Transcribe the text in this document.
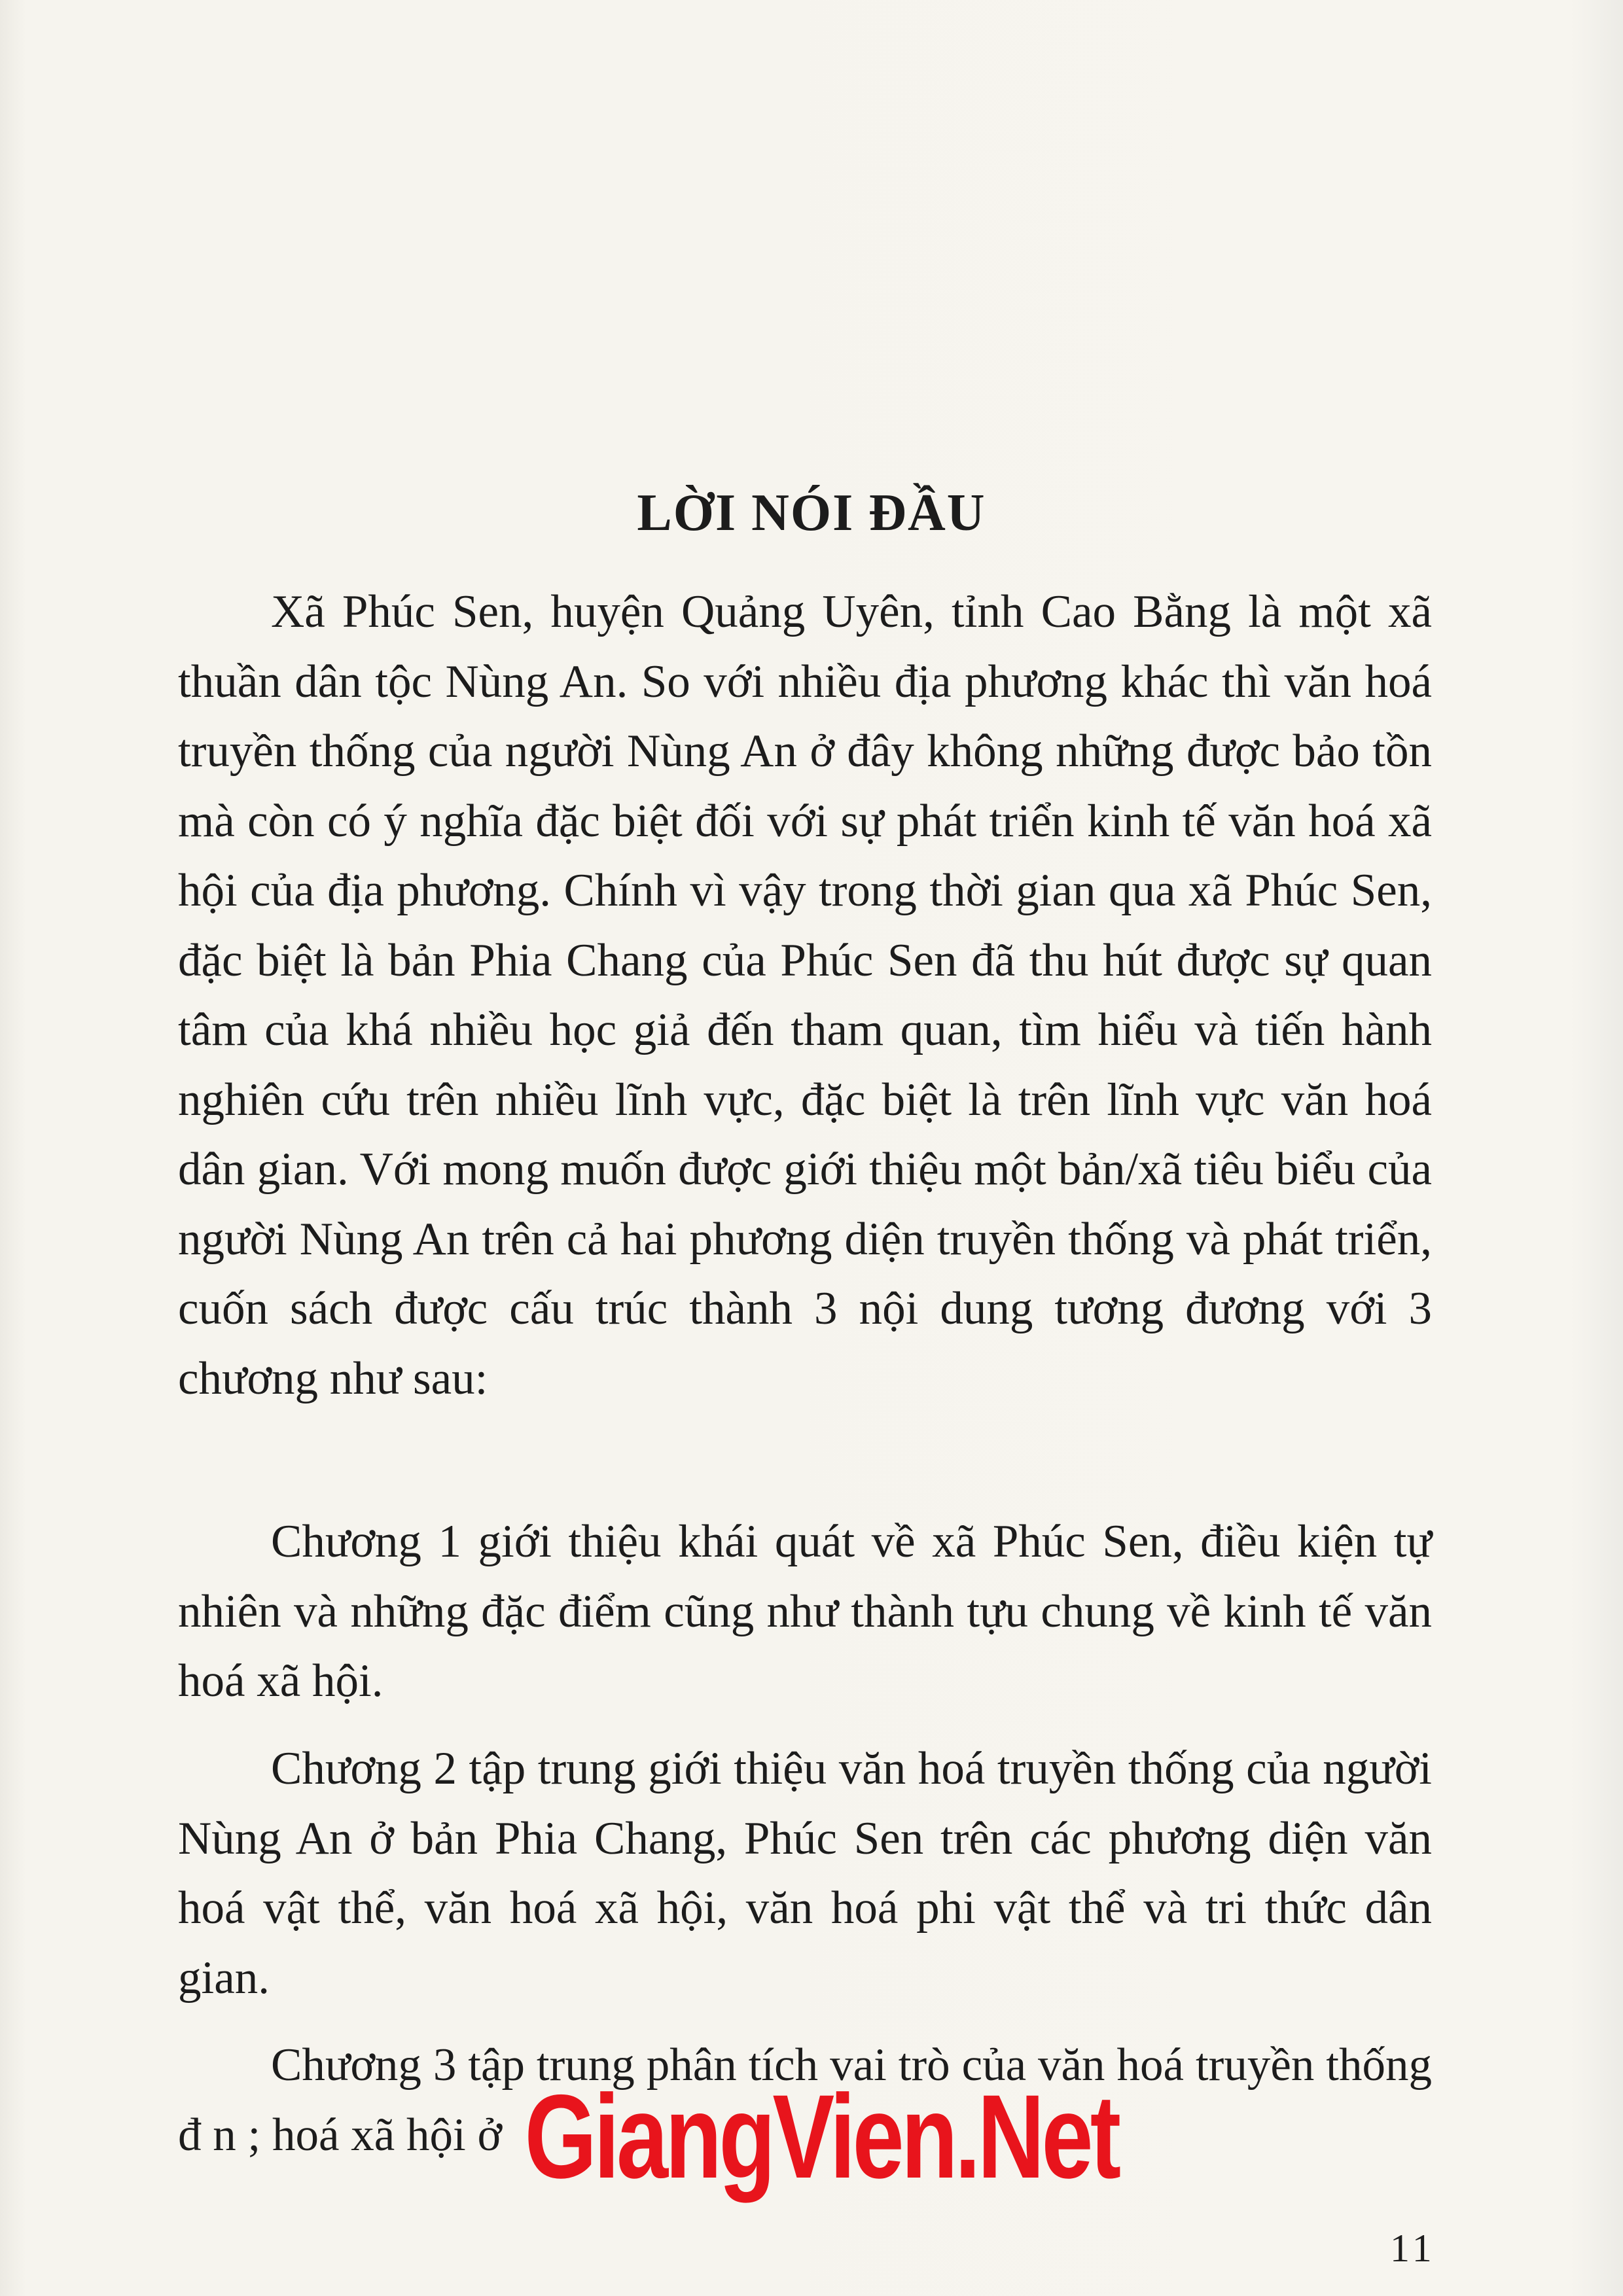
LỜI NÓI ĐẦU

Xã Phúc Sen, huyện Quảng Uyên, tỉnh Cao Bằng là một xã thuần dân tộc Nùng An. So với nhiều địa phương khác thì văn hoá truyền thống của người Nùng An ở đây không những được bảo tồn mà còn có ý nghĩa đặc biệt đối với sự phát triển kinh tế văn hoá xã hội của địa phương. Chính vì vậy trong thời gian qua xã Phúc Sen, đặc biệt là bản Phia Chang của Phúc Sen đã thu hút được sự quan tâm của khá nhiều học giả đến tham quan, tìm hiểu và tiến hành nghiên cứu trên nhiều lĩnh vực, đặc biệt là trên lĩnh vực văn hoá dân gian. Với mong muốn được giới thiệu một bản/xã tiêu biểu của người Nùng An trên cả hai phương diện truyền thống và phát triển, cuốn sách được cấu trúc thành 3 nội dung tương đương với 3 chương như sau:

Chương 1 giới thiệu khái quát về xã Phúc Sen, điều kiện tự nhiên và những đặc điểm cũng như thành tựu chung về kinh tế văn hoá xã hội.

Chương 2 tập trung giới thiệu văn hoá truyền thống của người Nùng An ở bản Phia Chang, Phúc Sen trên các phương diện văn hoá vật thể, văn hoá xã hội, văn hoá phi vật thể và tri thức dân gian.

Chương 3 tập trung phân tích vai trò của văn hoá truyền thống đ n ; hoá xã hội ở GiangVien.Net
11
